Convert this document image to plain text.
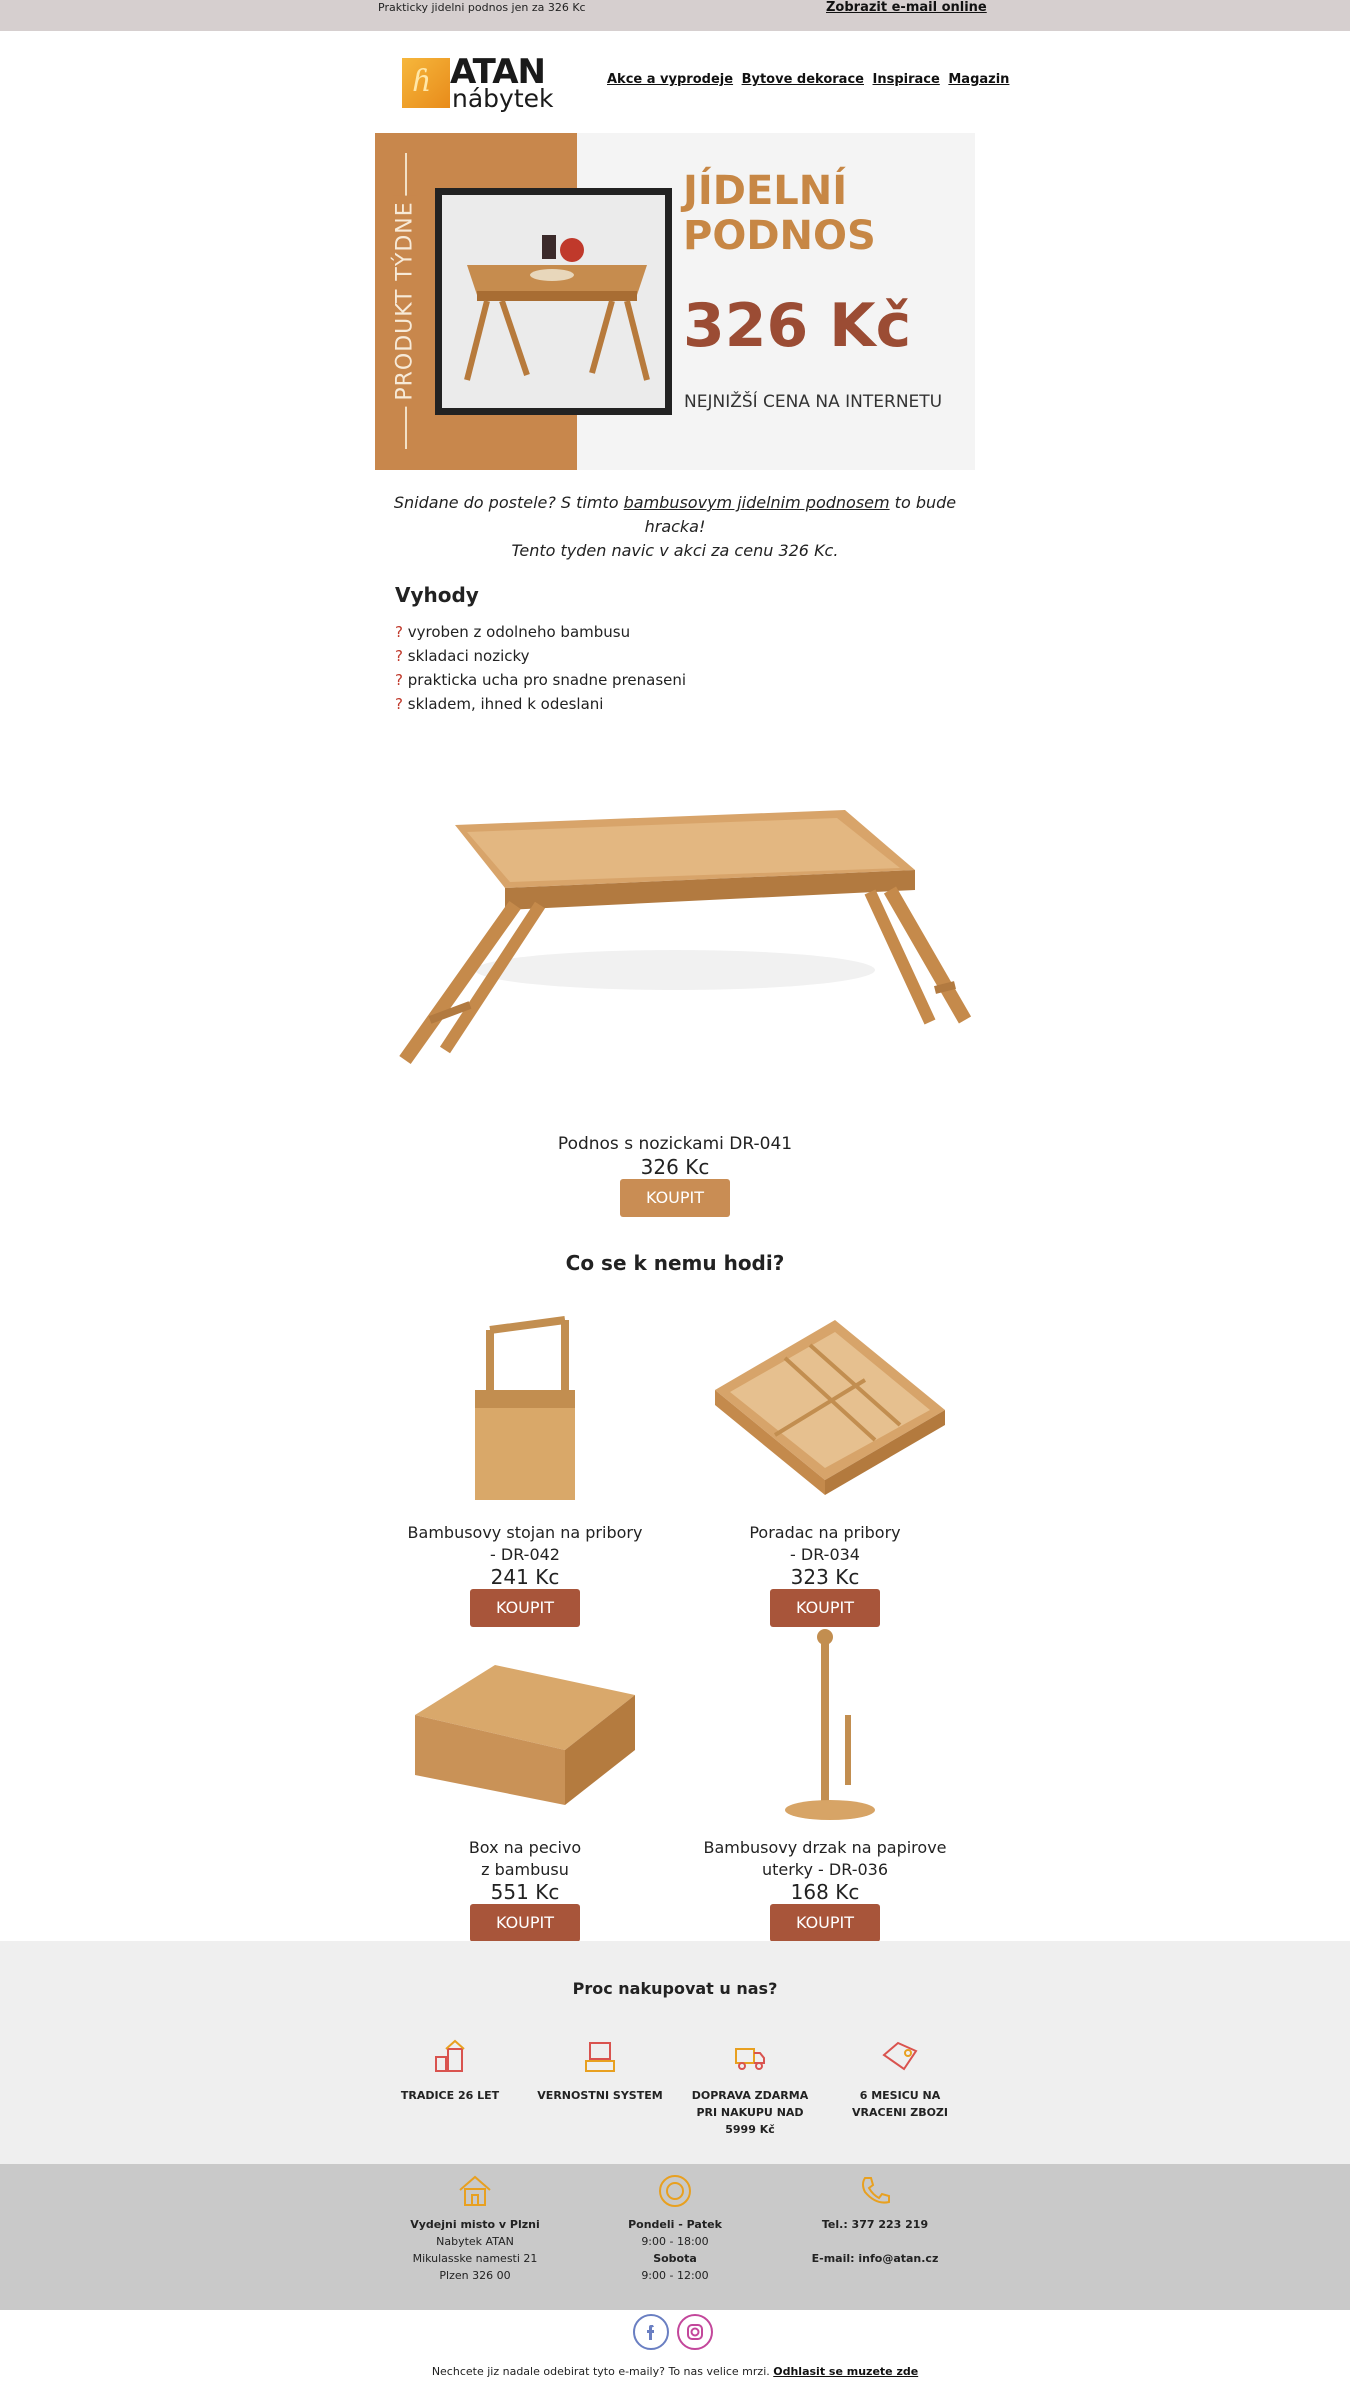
Prakticky jidelni podnos jen za 326 Kc	Zobrazit e-mail online
ɦ ATAN
nábytek
Akce a vyprodeje Bytove dekorace Inspirace Magazin
PRODUKT TÝDNE
JÍDELNÍ
PODNOS
326 Kč
NEJNIŽŠÍ CENA NA INTERNETU
Snidane do postele? S timto bambusovym jidelnim podnosem to bude hracka!
Tento tyden navic v akci za cenu 326 Kc.
Vyhody
? vyroben z odolneho bambusu
? skladaci nozicky
? prakticka ucha pro snadne prenaseni
? skladem, ihned k odeslani
Podnos s nozickami DR-041
326 Kc
KOUPIT
Co se k nemu hodi?
Bambusovy stojan na pribory
- DR-042
241 Kc
KOUPIT
Poradac na pribory
- DR-034
323 Kc
KOUPIT
Box na pecivo
z bambusu
551 Kc
KOUPIT
Bambusovy drzak na papirove
uterky - DR-036
168 Kc
KOUPIT
Proc nakupovat u nas?
TRADICE 26 LET	VERNOSTNI SYSTEM	DOPRAVA ZDARMA
PRI NAKUPU NAD
5999 Kč
6 MESICU NA
VRACENI ZBOZI
Vydejni misto v Plzni
Nabytek ATAN
Mikulasske namesti 21
Plzen 326 00
Pondeli - Patek
9:00 - 18:00
Sobota
9:00 - 12:00
Tel.: 377 223 219

E-mail: info@atan.cz
Nechcete jiz nadale odebirat tyto e-maily? To nas velice mrzi. Odhlasit se muzete zde
